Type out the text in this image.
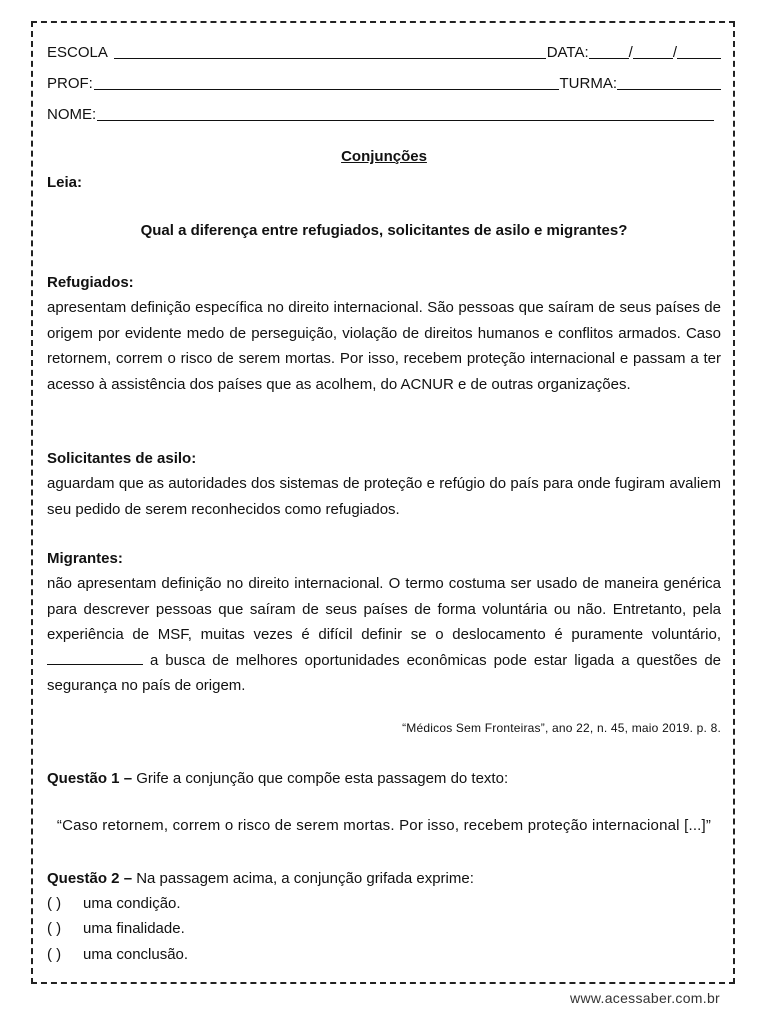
ESCOLA	DATA:	/	/
PROF:	TURMA:
NOME:
Conjunções
Leia:
Qual a diferença entre refugiados, solicitantes de asilo e migrantes?
Refugiados:
apresentam definição específica no direito internacional. São pessoas que saíram de seus países de origem por evidente medo de perseguição, violação de direitos humanos e conflitos armados. Caso retornem, correm o risco de serem mortas. Por isso, recebem proteção internacional e passam a ter acesso à assistência dos países que as acolhem, do ACNUR e de outras organizações.
Solicitantes de asilo:
aguardam que as autoridades dos sistemas de proteção e refúgio do país para onde fugiram avaliem seu pedido de serem reconhecidos como refugiados.
Migrantes:
não apresentam definição no direito internacional. O termo costuma ser usado de maneira genérica para descrever pessoas que saíram de seus países de forma voluntária ou não. Entretanto, pela experiência de MSF, muitas vezes é difícil definir se o deslocamento é puramente voluntário,  a busca de melhores oportunidades econômicas pode estar ligada a questões de segurança no país de origem.
“Médicos Sem Fronteiras”, ano 22, n. 45, maio 2019. p. 8.
Questão 1 – Grife a conjunção que compõe esta passagem do texto:
“Caso retornem, correm o risco de serem mortas. Por isso, recebem proteção internacional [...]”
Questão 2 – Na passagem acima, a conjunção grifada exprime:
( ) uma condição.
( ) uma finalidade.
( ) uma conclusão.
www.acessaber.com.br
